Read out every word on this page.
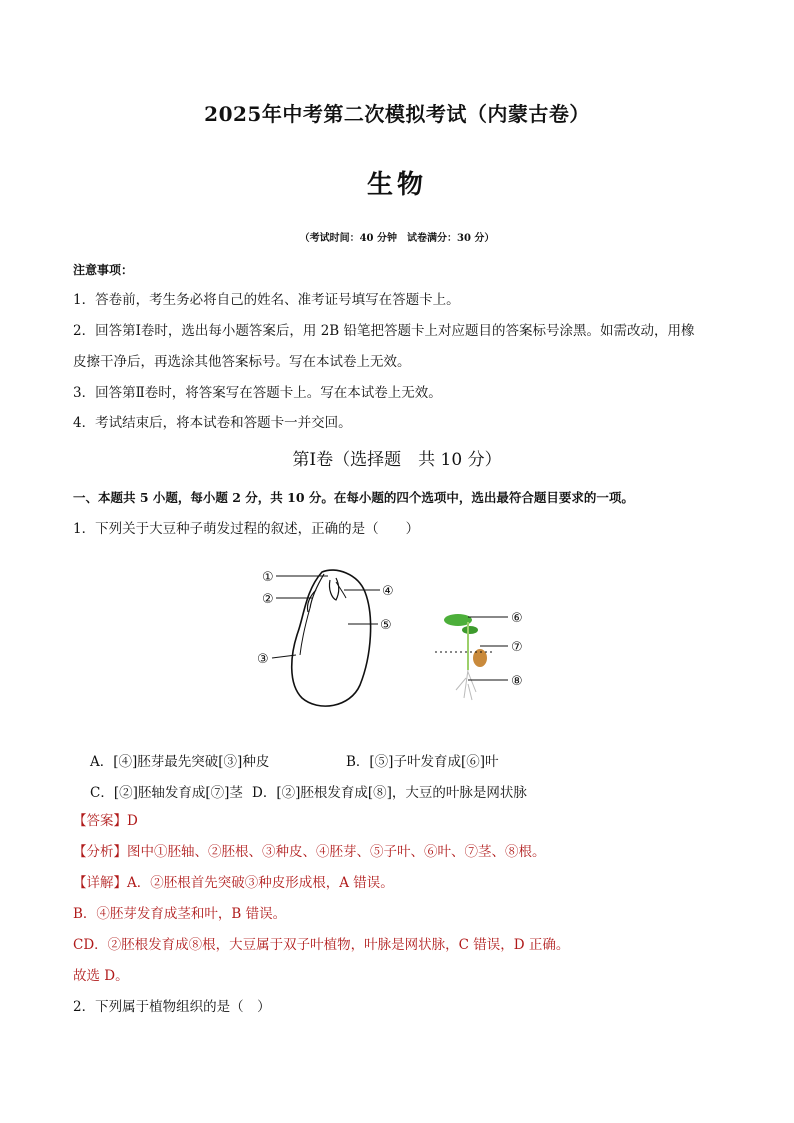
2025年中考第二次模拟考试（内蒙古卷）
生物
（考试时间：40 分钟　试卷满分：30 分）
注意事项：
1．答卷前，考生务必将自己的姓名、准考证号填写在答题卡上。
2．回答第Ⅰ卷时，选出每小题答案后，用 2B 铅笔把答题卡上对应题目的答案标号涂黑。如需改动，用橡
皮擦干净后，再选涂其他答案标号。写在本试卷上无效。
3．回答第Ⅱ卷时，将答案写在答题卡上。写在本试卷上无效。
4．考试结束后，将本试卷和答题卡一并交回。
第Ⅰ卷（选择题　共 10 分）
一、本题共 5 小题，每小题 2 分，共 10 分。在每小题的四个选项中，选出最符合题目要求的一项。
1．下列关于大豆种子萌发过程的叙述，正确的是（　　）
①
②
③
④
⑤	⑥
⑦
⑧
A．[④]胚芽最先突破[③]种皮	B．[⑤]子叶发育成[⑥]叶
C．[②]胚轴发育成[⑦]茎 D．[②]胚根发育成[⑧]，大豆的叶脉是网状脉
【答案】D
【分析】图中①胚轴、②胚根、③种皮、④胚芽、⑤子叶、⑥叶、⑦茎、⑧根。
【详解】A．②胚根首先突破③种皮形成根，A 错误。
B．④胚芽发育成茎和叶，B 错误。
CD．②胚根发育成⑧根，大豆属于双子叶植物，叶脉是网状脉，C 错误，D 正确。
故选 D。
2．下列属于植物组织的是（　）
